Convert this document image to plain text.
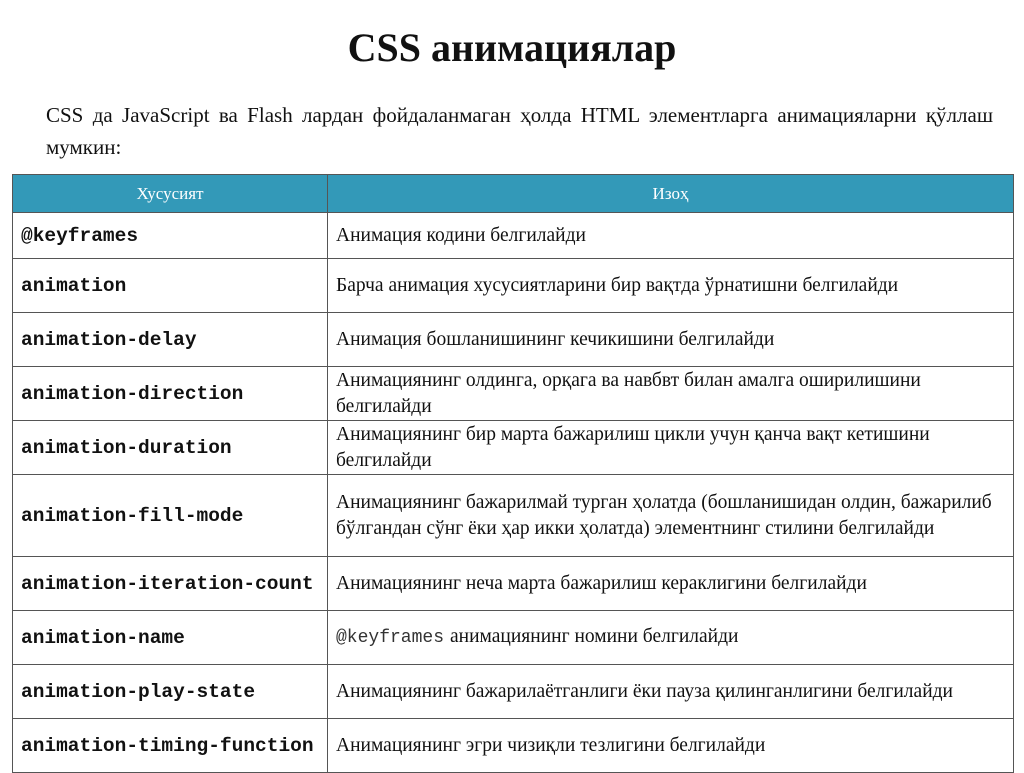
CSS анимациялар
CSS да JavaScript ва Flash лардан фойдаланмаган ҳолда HTML элементларга анимацияларни қўллаш мумкин:
Хусусият	Изоҳ
@keyframes	Анимация кодини белгилайди
animation	Барча анимация хусусиятларини бир вақтда ўрнатишни белгилайди
animation-delay	Анимация бошланишининг кечикишини белгилайди
animation-direction	Анимациянинг олдинга, орқага ва навбвт билан амалга оширилишини белгилайди
animation-duration	Анимациянинг бир марта бажарилиш цикли учун қанча вақт кетишини белгилайди
animation-fill-mode	Анимациянинг бажарилмай турган ҳолатда (бошланишидан олдин, бажарилиб бўлгандан сўнг ёки ҳар икки ҳолатда) элементнинг стилини белгилайди
animation-iteration-count	Анимациянинг неча марта бажарилиш кераклигини белгилайди
animation-name	@keyframes анимациянинг номини белгилайди
animation-play-state	Анимациянинг бажарилаётганлиги ёки пауза қилинганлигини белгилайди
animation-timing-function	Анимациянинг эгри чизиқли тезлигини белгилайди
